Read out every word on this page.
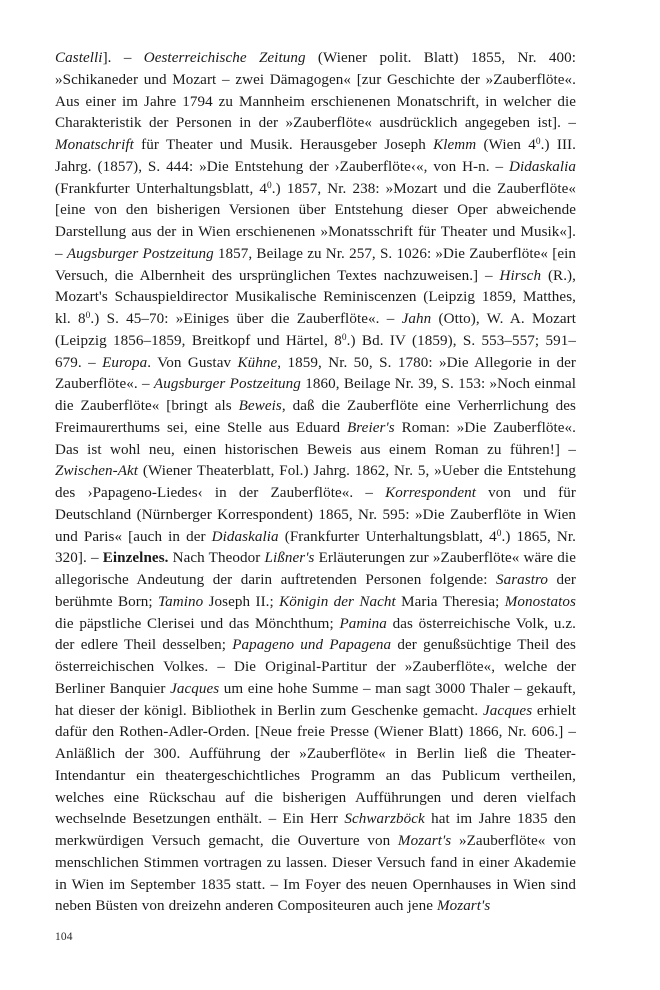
Castelli]. – Oesterreichische Zeitung (Wiener polit. Blatt) 1855, Nr. 400: »Schikaneder und Mozart – zwei Dämagogen« [zur Geschichte der »Zauberflöte«. Aus einer im Jahre 1794 zu Mannheim erschienenen Monatschrift, in welcher die Charakteristik der Personen in der »Zauberflöte« ausdrücklich angegeben ist]. – Monatschrift für Theater und Musik. Herausgeber Joseph Klemm (Wien $4^0$.) III. Jahrg. (1857), S. 444: »Die Entstehung der ›Zauberflöte‹«, von H-n. – Didaskalia (Frankfurter Unterhaltungsblatt, $4^0$.) 1857, Nr. 238: »Mozart und die Zauberflöte« [eine von den bisherigen Versionen über Entstehung dieser Oper abweichende Darstellung aus der in Wien erschienenen »Monatsschrift für Theater und Musik«]. – Augsburger Postzeitung 1857, Beilage zu Nr. 257, S. 1026: »Die Zauberflöte« [ein Versuch, die Albernheit des ursprünglichen Textes nachzuweisen.] – Hirsch (R.), Mozart's Schauspieldirector Musikalische Reminiscenzen (Leipzig 1859, Matthes, kl. $8^0$.) S. 45–70: »Einiges über die Zauberflöte«. – Jahn (Otto), W. A. Mozart (Leipzig 1856–1859, Breitkopf und Härtel, $8^0$.) Bd. IV (1859), S. 553–557; 591–679. – Europa. Von Gustav Kühne, 1859, Nr. 50, S. 1780: »Die Allegorie in der Zauberflöte«. – Augsburger Postzeitung 1860, Beilage Nr. 39, S. 153: »Noch einmal die Zauberflöte« [bringt als Beweis, daß die Zauberflöte eine Verherrlichung des Freimaurerthums sei, eine Stelle aus Eduard Breier's Roman: »Die Zauberflöte«. Das ist wohl neu, einen historischen Beweis aus einem Roman zu führen!] – Zwischen-Akt (Wiener Theaterblatt, Fol.) Jahrg. 1862, Nr. 5, »Ueber die Entstehung des ›Papageno-Liedes‹ in der Zauberflöte«. – Korrespondent von und für Deutschland (Nürnberger Korrespondent) 1865, Nr. 595: »Die Zauberflöte in Wien und Paris« [auch in der Didaskalia (Frankfurter Unterhaltungsblatt, $4^0$.) 1865, Nr. 320]. – Einzelnes. Nach Theodor Lißner's Erläuterungen zur »Zauberflöte« wäre die allegorische Andeutung der darin auftretenden Personen folgende: Sarastro der berühmte Born; Tamino Joseph II.; Königin der Nacht Maria Theresia; Monostatos die päpstliche Clerisei und das Mönchthum; Pamina das österreichische Volk, u.z. der edlere Theil desselben; Papageno und Papagena der genußsüchtige Theil des österreichischen Volkes. – Die Original-Partitur der »Zauberflöte«, welche der Berliner Banquier Jacques um eine hohe Summe – man sagt 3000 Thaler – gekauft, hat dieser der königl. Bibliothek in Berlin zum Geschenke gemacht. Jacques erhielt dafür den Rothen-Adler-Orden. [Neue freie Presse (Wiener Blatt) 1866, Nr. 606.] – Anläßlich der 300. Aufführung der »Zauberflöte« in Berlin ließ die Theater-Intendantur ein theatergeschichtliches Programm an das Publicum vertheilen, welches eine Rückschau auf die bisherigen Aufführungen und deren vielfach wechselnde Besetzungen enthält. – Ein Herr Schwarzböck hat im Jahre 1835 den merkwürdigen Versuch gemacht, die Ouverture von Mozart's »Zauberflöte« von menschlichen Stimmen vortragen zu lassen. Dieser Versuch fand in einer Akademie in Wien im September 1835 statt. – Im Foyer des neuen Opernhauses in Wien sind neben Büsten von dreizehn anderen Compositeuren auch jene Mozart's

104
